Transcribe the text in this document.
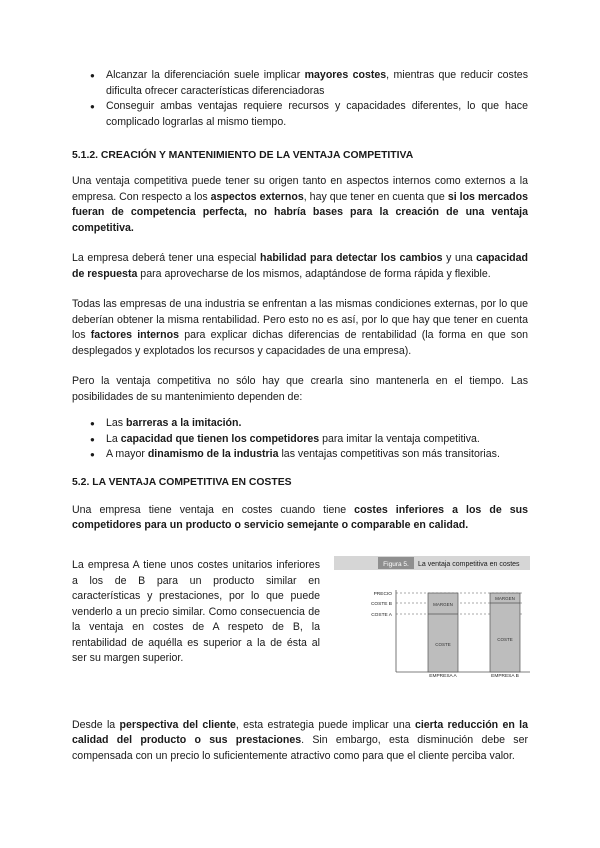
● Alcanzar la diferenciación suele implicar mayores costes, mientras que reducir costes dificulta ofrecer características diferenciadoras
● Conseguir ambas ventajas requiere recursos y capacidades diferentes, lo que hace complicado lograrlas al mismo tiempo.
5.1.2. CREACIÓN Y MANTENIMIENTO DE LA VENTAJA COMPETITIVA

Una ventaja competitiva puede tener su origen tanto en aspectos internos como externos a la empresa. Con respecto a los aspectos externos, hay que tener en cuenta que si los mercados fueran de competencia perfecta, no habría bases para la creación de una ventaja competitiva.

La empresa deberá tener una especial habilidad para detectar los cambios y una capacidad de respuesta para aprovecharse de los mismos, adaptándose de forma rápida y flexible.

Todas las empresas de una industria se enfrentan a las mismas condiciones externas, por lo que deberían obtener la misma rentabilidad. Pero esto no es así, por lo que hay que tener en cuenta los factores internos para explicar dichas diferencias de rentabilidad (la forma en que son desplegados y explotados los recursos y capacidades de una empresa).

Pero la ventaja competitiva no sólo hay que crearla sino mantenerla en el tiempo. Las posibilidades de su mantenimiento dependen de:

● Las barreras a la imitación.
● La capacidad que tienen los competidores para imitar la ventaja competitiva.
● A mayor dinamismo de la industria las ventajas competitivas son más transitorias.
5.2. LA VENTAJA COMPETITIVA EN COSTES

Una empresa tiene ventaja en costes cuando tiene costes inferiores a los de sus competidores para un producto o servicio semejante o comparable en calidad.

La empresa A tiene unos costes unitarios inferiores a los de B para un producto similar en características y prestaciones, por lo que puede venderlo a un precio similar. Como consecuencia de la ventaja en costes de A respeto de B, la rentabilidad de aquélla es superior a la de ésta al ser su margen superior.

Figura 5. La ventaja competitiva en costes
PRECIO
COSTE B
COSTE A
MARGEN
COSTE
MARGEN
COSTE
EMPRESA A	EMPRESA B

Desde la perspectiva del cliente, esta estrategia puede implicar una cierta reducción en la calidad del producto o sus prestaciones. Sin embargo, esta disminución debe ser compensada con un precio lo suficientemente atractivo como para que el cliente perciba valor.
